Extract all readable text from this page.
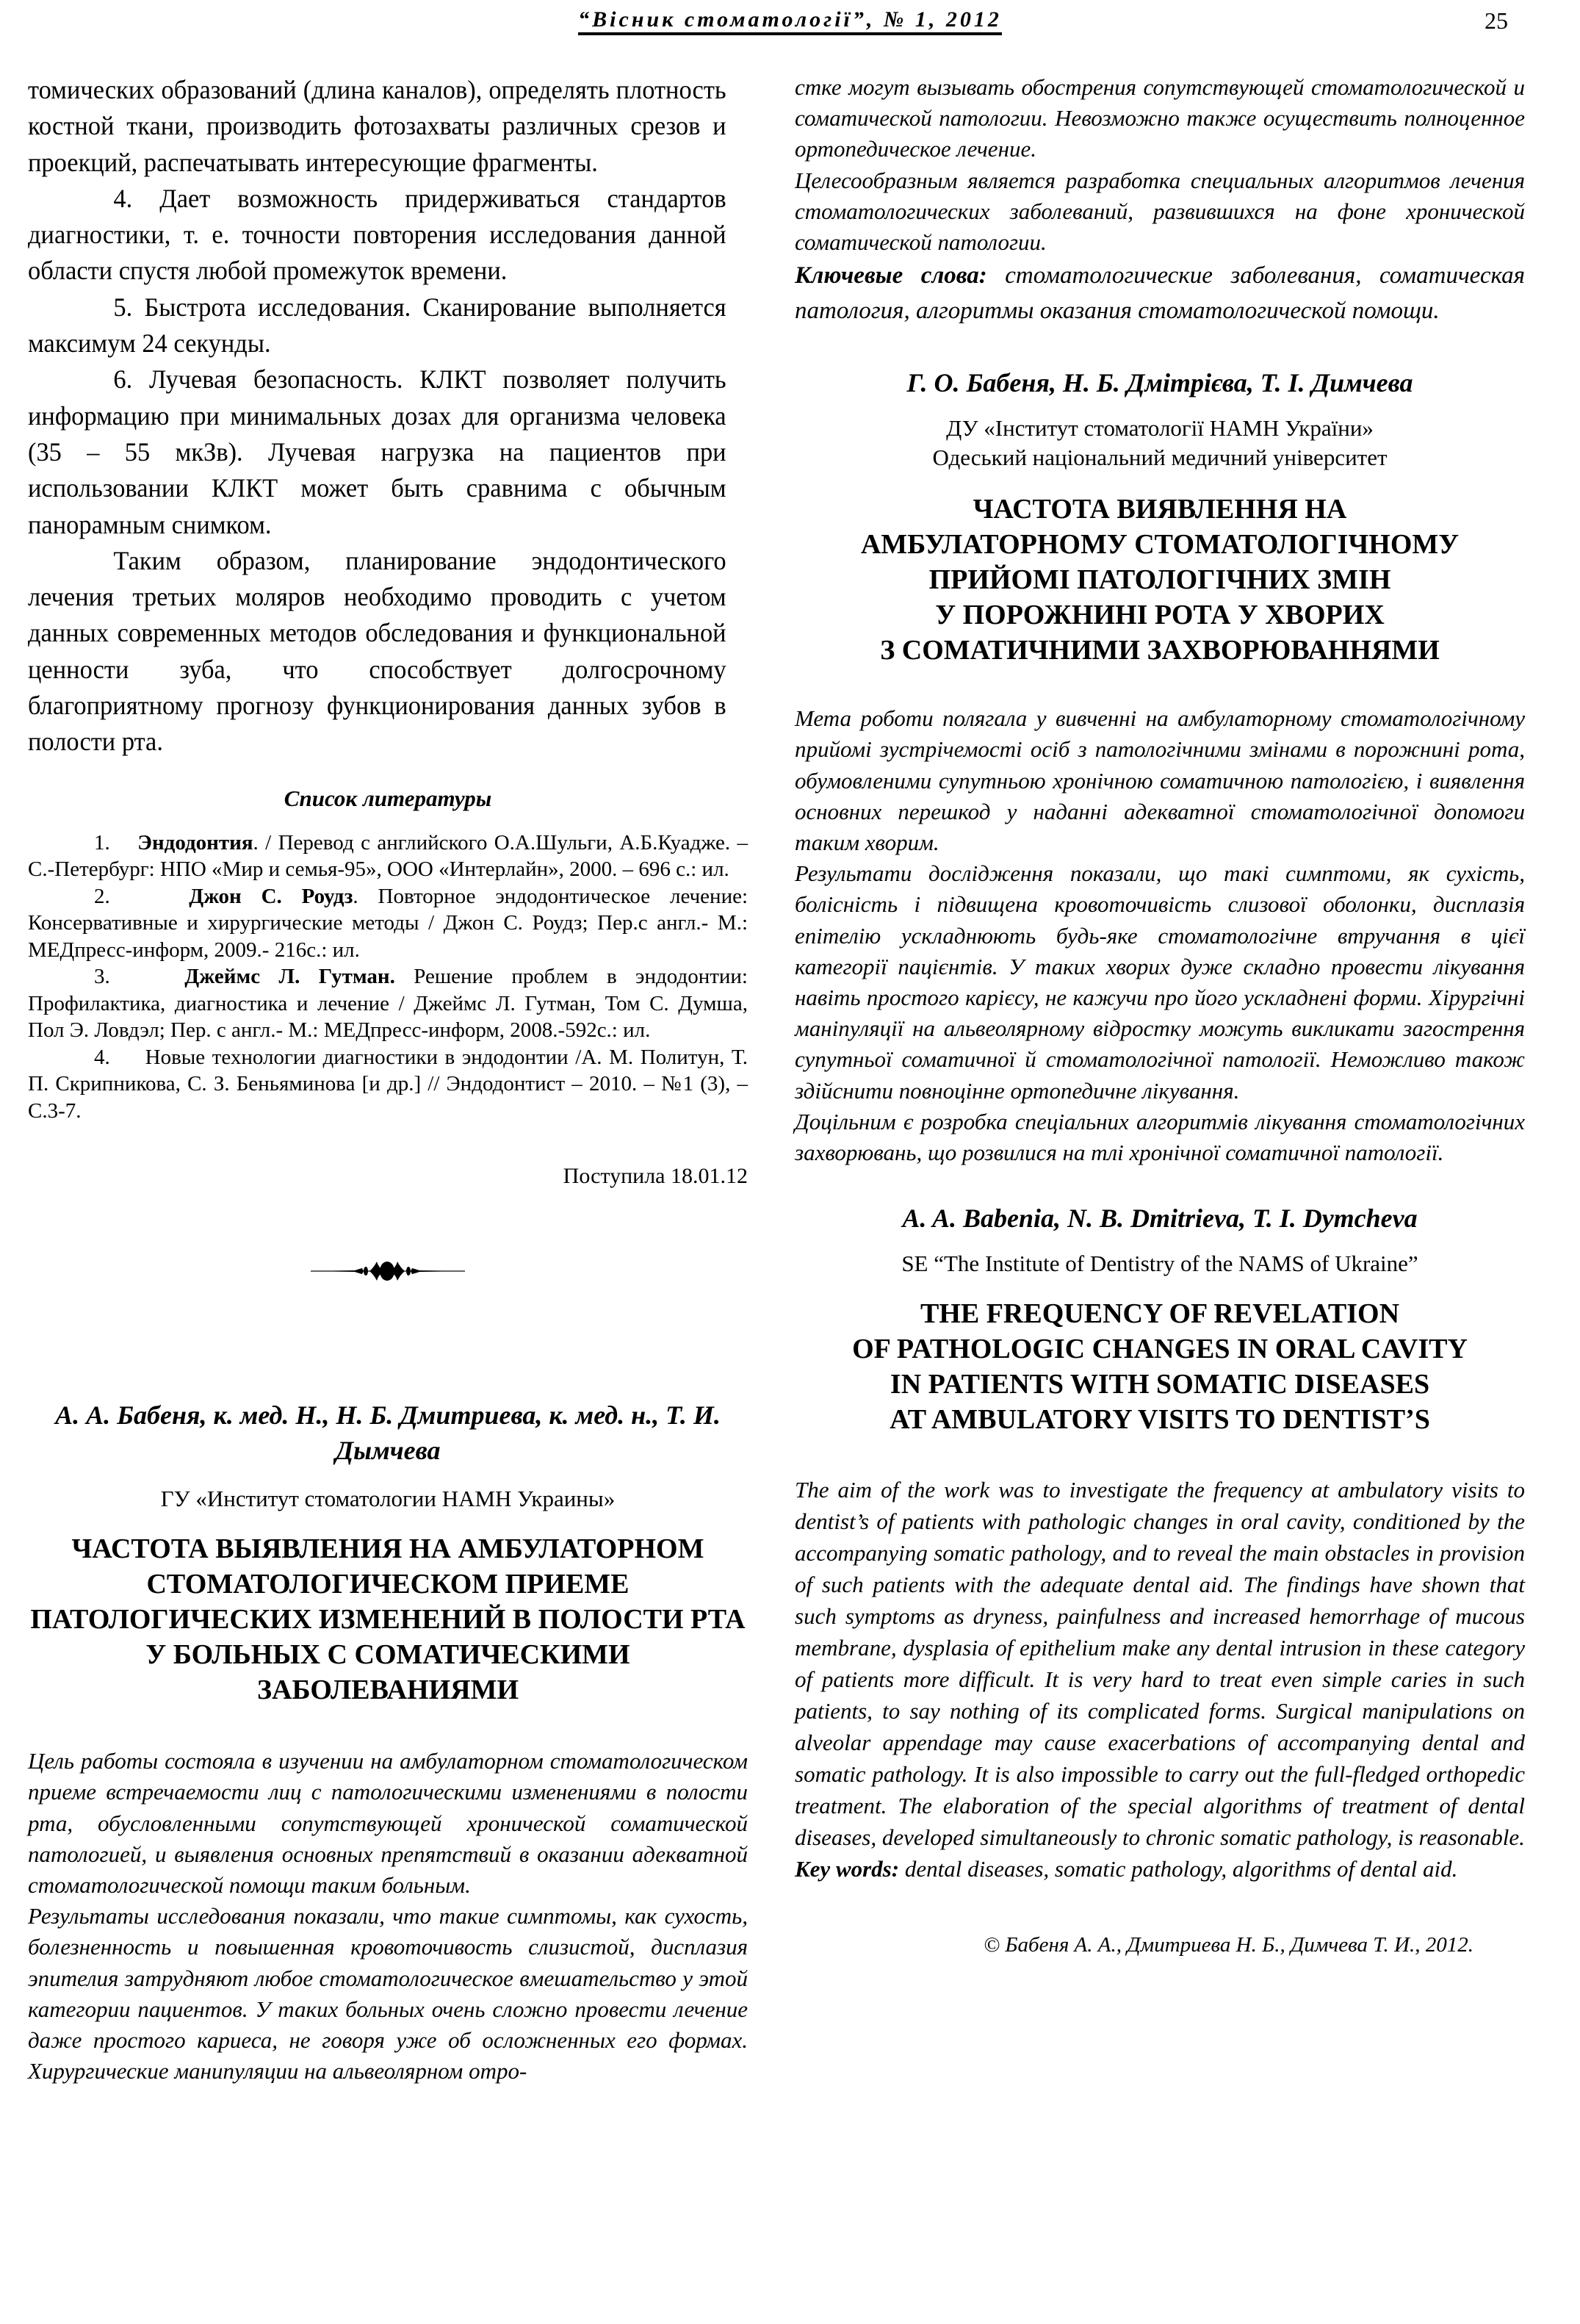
“Вісник стоматології”, № 1, 2012	25

томических образований (длина каналов), определять плотность костной ткани, производить фотозахваты различных срезов и проекций, распечатывать интересующие фрагменты.

4. Дает возможность придерживаться стандартов диагностики, т. е. точности повторения исследования данной области спустя любой промежуток времени.

5. Быстрота исследования. Сканирование выполняется максимум 24 секунды.

6. Лучевая безопасность. КЛКТ позволяет получить информацию при минимальных дозах для организма человека (35 – 55 мкЗв). Лучевая нагрузка на пациентов при использовании КЛКТ может быть сравнима с обычным панорамным снимком.

Таким образом, планирование эндодонтического лечения третьих моляров необходимо проводить с учетом данных современных методов обследования и функциональной ценности зуба, что способствует долгосрочному благоприятному прогнозу функционирования данных зубов в полости рта.

Список литературы

1. Эндодонтия. / Перевод с английского О.А.Шульги, А.Б.Куадже. – С.-Петербург: НПО «Мир и семья-95», ООО «Интерлайн», 2000. – 696 с.: ил.

2.	Джон С. Роудз. Повторное эндодонтическое лечение: Консервативные и хирургические методы / Джон С. Роудз; Пер.с англ.- М.: МЕДпресс-информ, 2009.- 216с.: ил.

3.	Джеймс Л. Гутман. Решение проблем в эндодонтии: Профилактика, диагностика и лечение / Джеймс Л. Гутман, Том С. Думша, Пол Э. Ловдэл; Пер. с англ.- М.: МЕДпресс-информ, 2008.-592с.: ил.

4.     Новые технологии диагностики в эндодонтии /А. М. Политун, Т. П. Скрипникова, С. З. Беньяминова [и др.] // Эндодонтист – 2010. – №1 (3), – С.3-7.

Поступила 18.01.12

А. А. Бабеня, к. мед. Н., Н. Б. Дмитриева, к. мед. н., Т. И. Дымчева

ГУ «Институт стоматологии НАМН Украины»

ЧАСТОТА ВЫЯВЛЕНИЯ НА АМБУЛАТОРНОМ СТОМАТОЛОГИЧЕСКОМ ПРИЕМЕ ПАТОЛОГИЧЕСКИХ ИЗМЕНЕНИЙ В ПОЛОСТИ РТА У БОЛЬНЫХ С СОМАТИЧЕСКИМИ ЗАБОЛЕВАНИЯМИ

Цель работы состояла в изучении на амбулаторном стоматологическом приеме встречаемости лиц с патологическими изменениями в полости рта, обусловленными сопутствующей хронической соматической патологией, и выявления основных препятствий в оказании адекватной стоматологической помощи таким больным.

Результаты исследования показали, что такие симптомы, как сухость, болезненность и повышенная кровоточивость слизистой, дисплазия эпителия затрудняют любое стоматологическое вмешательство у этой категории пациентов. У таких больных очень сложно провести лечение даже простого кариеса, не говоря уже об осложненных его формах. Хирургические манипуляции на альвеолярном отро-

стке могут вызывать обострения сопутствующей стоматологической и соматической патологии. Невозможно также осуществить полноценное ортопедическое лечение.

Целесообразным является разработка специальных алгоритмов лечения стоматологических заболеваний, развившихся на фоне хронической соматической патологии.

Ключевые слова: стоматологические заболевания, соматическая патология, алгоритмы оказания стоматологической помощи.

Г. О. Бабеня, Н. Б. Дмітрієва, Т. І. Димчева

ДУ «Інститут стоматології НАМН України»

Одеський національний медичний університет

ЧАСТОТА ВИЯВЛЕННЯ НА

АМБУЛАТОРНОМУ СТОМАТОЛОГІЧНОМУ

ПРИЙОМІ ПАТОЛОГІЧНИХ ЗМІН

У ПОРОЖНИНІ РОТА У ХВОРИХ

З СОМАТИЧНИМИ ЗАХВОРЮВАННЯМИ

Мета роботи полягала у вивченні на амбулаторному стоматологічному прийомі зустрічемості осіб з патологічними змінами в порожнині рота, обумовленими супутньою хронічною соматичною патологією, і виявлення основних перешкод у наданні адекватної стоматологічної допомоги таким хворим.

Результати дослідження показали, що такі симптоми, як сухість, болісність і підвищена кровоточивість слизової оболонки, дисплазія епітелію ускладнюють будь-яке стоматологічне втручання в цієї категорії пацієнтів. У таких хворих дуже складно провести лікування навіть простого карієсу, не кажучи про його ускладнені форми. Хірургічні маніпуляції на альвеолярному відростку можуть викликати загострення супутньої соматичної й стоматологічної патології. Неможливо також здійснити повноцінне ортопедичне лікування.

Доцільним є розробка спеціальних алгоритмів лікування стоматологічних захворювань, що розвилися на тлі хронічної соматичної патології.

A. A. Babenia, N. B. Dmitrieva, T. I. Dymcheva

SE “The Institute of Dentistry of the NAMS of Ukraine”

THE FREQUENCY OF REVELATION

OF PATHOLOGIC CHANGES IN ORAL CAVITY

IN PATIENTS WITH SOMATIC DISEASES

AT AMBULATORY VISITS TO DENTIST’S

The aim of the work was to investigate the frequency at ambulatory visits to dentist’s of patients with pathologic changes in oral cavity, conditioned by the accompanying somatic pathology, and to reveal the main obstacles in provision of such patients with the adequate dental aid. The findings have shown that such symptoms as dryness, painfulness and increased hemorrhage of mucous membrane, dysplasia of epithelium make any dental intrusion in these category of patients more difficult. It is very hard to treat even simple caries in such patients, to say nothing of its complicated forms. Surgical manipulations on alveolar appendage may cause exacerbations of accompanying dental and somatic pathology. It is also impossible to carry out the full-fledged orthopedic treatment. The elaboration of the special algorithms of treatment of dental diseases, developed simultaneously to chronic somatic pathology, is reasonable.

Key words: dental diseases, somatic pathology, algorithms of dental aid.

© Бабеня А. А., Дмитриева Н. Б., Димчева Т. И., 2012.
